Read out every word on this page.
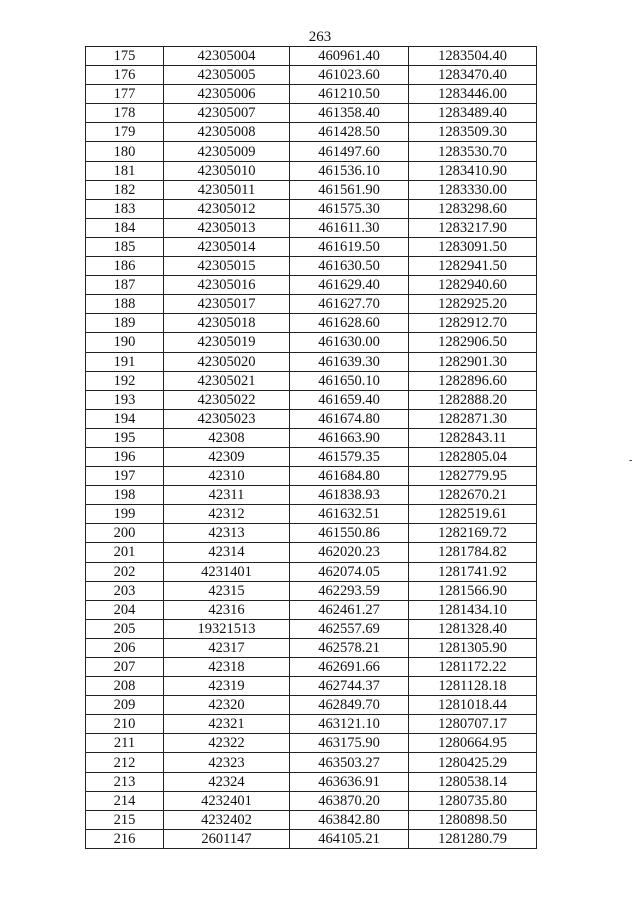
263
175	42305004	460961.40	1283504.40
176	42305005	461023.60	1283470.40
177	42305006	461210.50	1283446.00
178	42305007	461358.40	1283489.40
179	42305008	461428.50	1283509.30
180	42305009	461497.60	1283530.70
181	42305010	461536.10	1283410.90
182	42305011	461561.90	1283330.00
183	42305012	461575.30	1283298.60
184	42305013	461611.30	1283217.90
185	42305014	461619.50	1283091.50
186	42305015	461630.50	1282941.50
187	42305016	461629.40	1282940.60
188	42305017	461627.70	1282925.20
189	42305018	461628.60	1282912.70
190	42305019	461630.00	1282906.50
191	42305020	461639.30	1282901.30
192	42305021	461650.10	1282896.60
193	42305022	461659.40	1282888.20
194	42305023	461674.80	1282871.30
195	42308	461663.90	1282843.11
196	42309	461579.35	1282805.04
197	42310	461684.80	1282779.95
198	42311	461838.93	1282670.21
199	42312	461632.51	1282519.61
200	42313	461550.86	1282169.72
201	42314	462020.23	1281784.82
202	4231401	462074.05	1281741.92
203	42315	462293.59	1281566.90
204	42316	462461.27	1281434.10
205	19321513	462557.69	1281328.40
206	42317	462578.21	1281305.90
207	42318	462691.66	1281172.22
208	42319	462744.37	1281128.18
209	42320	462849.70	1281018.44
210	42321	463121.10	1280707.17
211	42322	463175.90	1280664.95
212	42323	463503.27	1280425.29
213	42324	463636.91	1280538.14
214	4232401	463870.20	1280735.80
215	4232402	463842.80	1280898.50
216	2601147	464105.21	1281280.79
-
